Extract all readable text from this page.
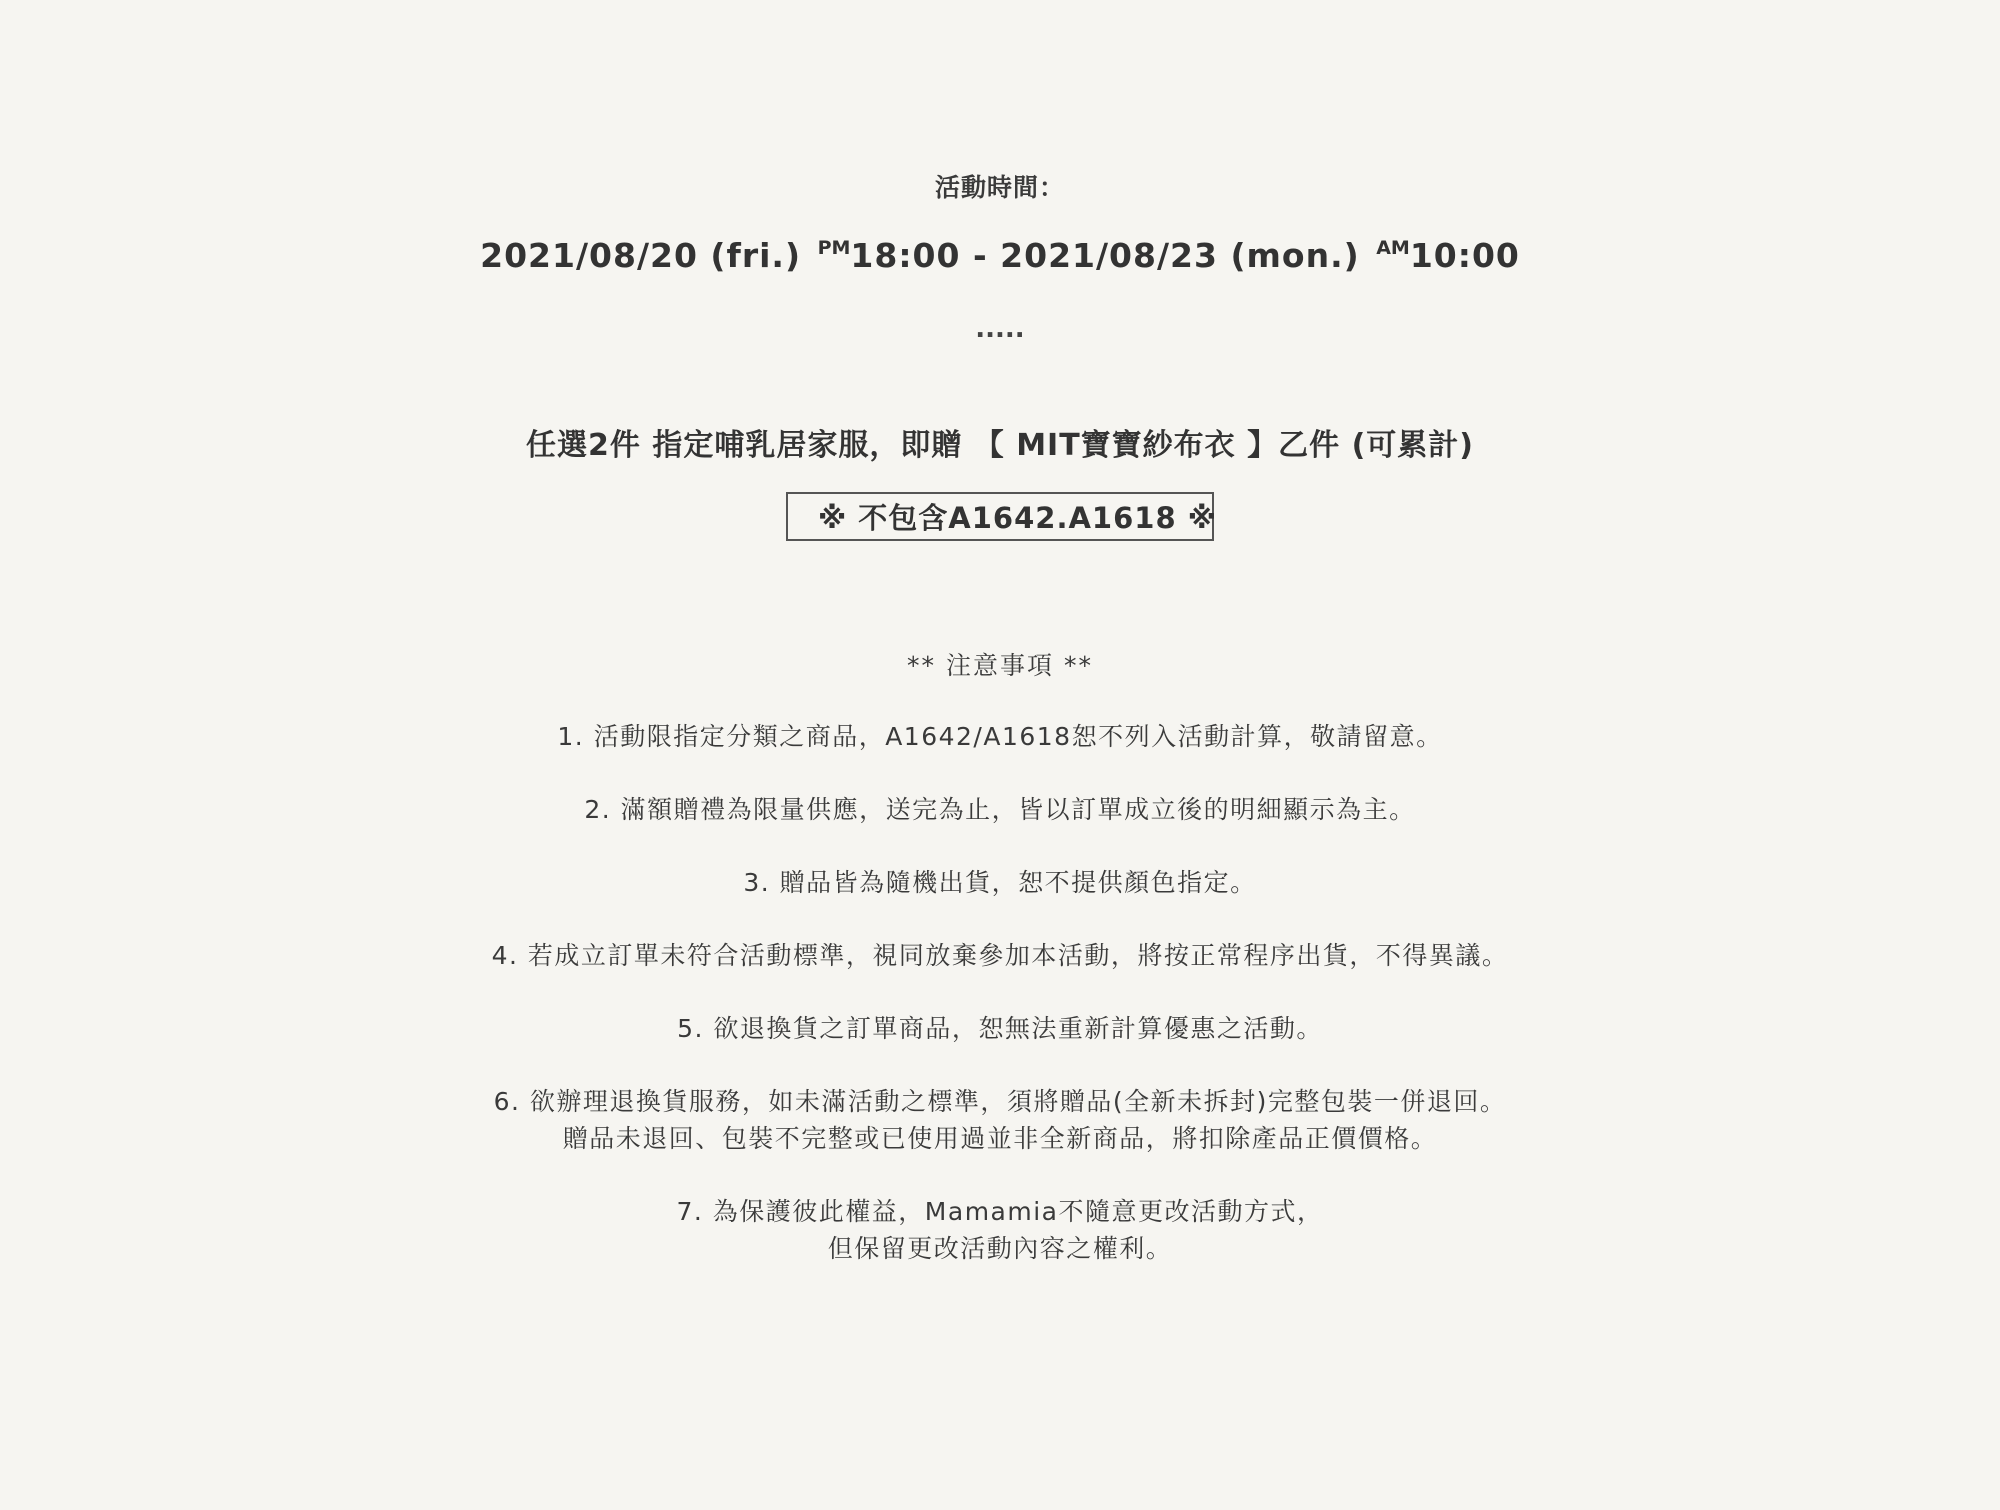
活動時間：
2021/08/20 (fri.) $^{PM}$18:00 - 2021/08/23 (mon.) $^{AM}$10:00
.....
任選2件 指定哺乳居家服，即贈 【 MIT寶寶紗布衣 】乙件 (可累計)
※ 不包含A1642.A1618 ※
** 注意事項 **
1. 活動限指定分類之商品，A1642/A1618恕不列入活動計算，敬請留意。
2. 滿額贈禮為限量供應，送完為止，皆以訂單成立後的明細顯示為主。
3. 贈品皆為隨機出貨，恕不提供顏色指定。
4. 若成立訂單未符合活動標準，視同放棄參加本活動，將按正常程序出貨，不得異議。
5. 欲退換貨之訂單商品，恕無法重新計算優惠之活動。
6. 欲辦理退換貨服務，如未滿活動之標準，須將贈品(全新未拆封)完整包裝一併退回。
贈品未退回、包裝不完整或已使用過並非全新商品，將扣除產品正價價格。
7. 為保護彼此權益，Mamamia不隨意更改活動方式，
但保留更改活動內容之權利。
